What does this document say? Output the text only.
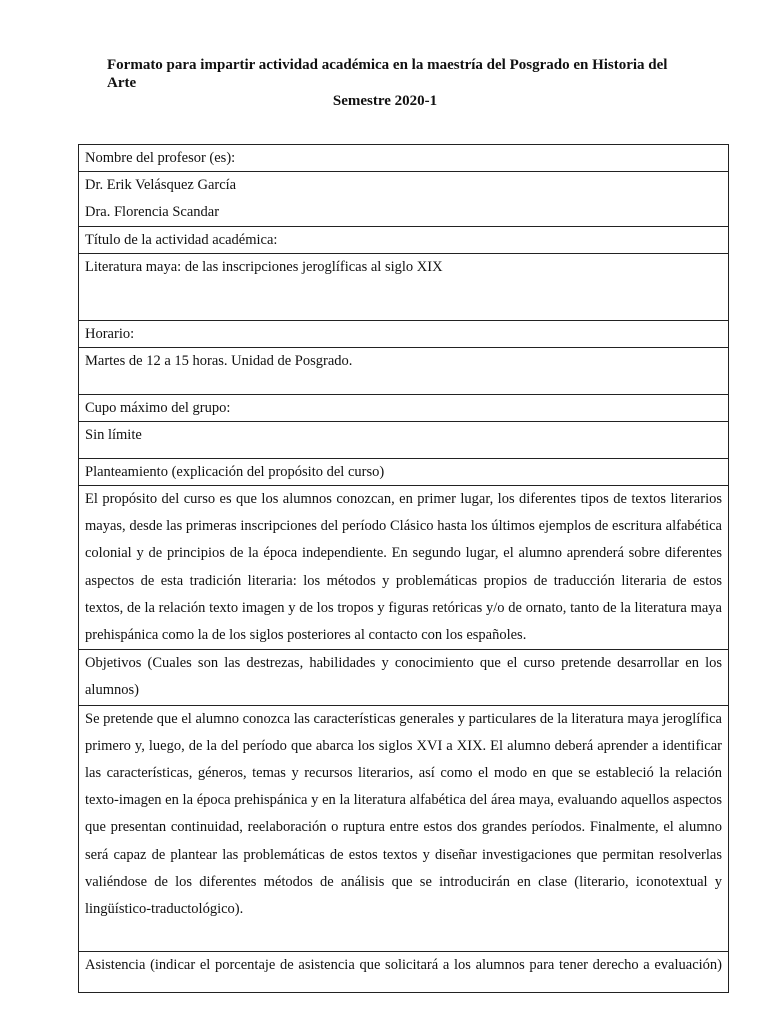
Formato para impartir actividad académica en la maestría del Posgrado en Historia del Arte
Semestre 2020-1
Nombre del profesor (es):

Dr. Erik Velásquez García
Dra. Florencia Scandar

Título de la actividad académica:
Literatura maya: de las inscripciones jeroglíficas al siglo XIX
Horario:
Martes de 12 a 15 horas. Unidad de Posgrado.
Cupo máximo del grupo:
Sin límite
Planteamiento (explicación del propósito del curso)
El propósito del curso es que los alumnos conozcan, en primer lugar, los diferentes tipos de textos literarios mayas, desde las primeras inscripciones del período Clásico hasta los últimos ejemplos de escritura alfabética colonial y de principios de la época independiente. En segundo lugar, el alumno aprenderá sobre diferentes aspectos de esta tradición literaria: los métodos y problemáticas propios de traducción literaria de estos textos, de la relación texto imagen y de los tropos y figuras retóricas y/o de ornato, tanto de la literatura maya prehispánica como la de los siglos posteriores al contacto con los españoles.
Objetivos (Cuales son las destrezas, habilidades y conocimiento que el curso pretende desarrollar en los alumnos)
Se pretende que el alumno conozca las características generales y particulares de la literatura maya jeroglífica primero y, luego, de la del período que abarca los siglos XVI a XIX. El alumno deberá aprender a identificar las características, géneros, temas y recursos literarios, así como el modo en que se estableció la relación texto-imagen en la época prehispánica y en la literatura alfabética del área maya, evaluando aquellos aspectos que presentan continuidad, reelaboración o ruptura entre estos dos grandes períodos. Finalmente, el alumno será capaz de plantear las problemáticas de estos textos y diseñar investigaciones que permitan resolverlas valiéndose de los diferentes métodos de análisis que se introducirán en clase (literario, iconotextual y lingüístico-traductológico).
Asistencia (indicar el porcentaje de asistencia que solicitará a los alumnos para tener derecho a evaluación)
